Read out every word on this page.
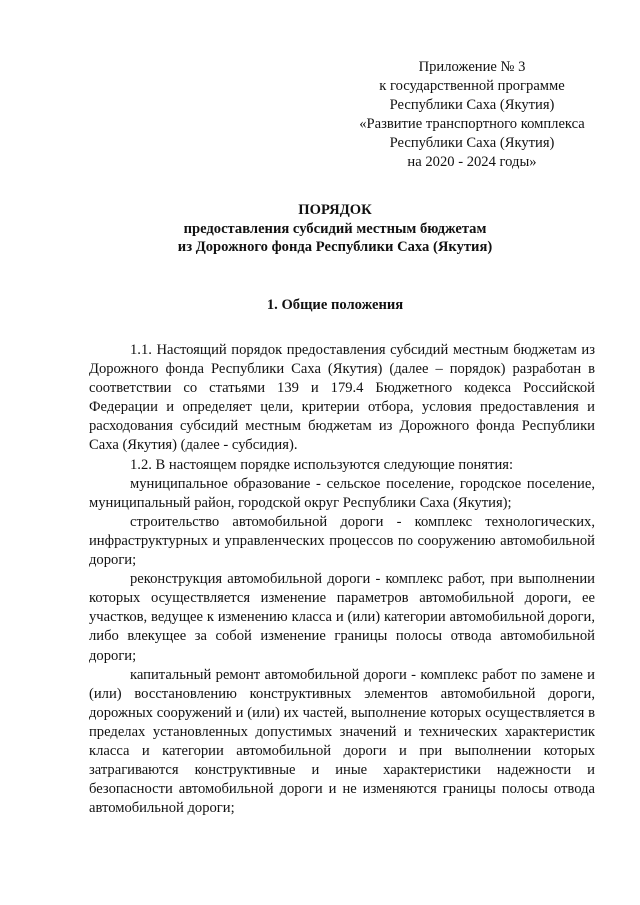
Приложение № 3
к государственной программе
Республики Саха (Якутия)
«Развитие транспортного комплекса
Республики Саха (Якутия)
на 2020 - 2024 годы»
ПОРЯДОК
предоставления субсидий местным бюджетам
из Дорожного фонда Республики Саха (Якутия)
1. Общие положения

1.1. Настоящий порядок предоставления субсидий местным бюджетам из Дорожного фонда Республики Саха (Якутия) (далее – порядок) разработан в соответствии со статьями 139 и 179.4 Бюджетного кодекса Российской Федерации и определяет цели, критерии отбора, условия предоставления и расходования субсидий местным бюджетам из Дорожного фонда Республики Саха (Якутия) (далее - субсидия).

1.2. В настоящем порядке используются следующие понятия:

муниципальное образование - сельское поселение, городское поселение, муниципальный район, городской округ Республики Саха (Якутия);

строительство автомобильной дороги - комплекс технологических, инфраструктурных и управленческих процессов по сооружению автомобильной дороги;

реконструкция автомобильной дороги - комплекс работ, при выполнении которых осуществляется изменение параметров автомобильной дороги, ее участков, ведущее к изменению класса и (или) категории автомобильной дороги, либо влекущее за собой изменение границы полосы отвода автомобильной дороги;

капитальный ремонт автомобильной дороги - комплекс работ по замене и (или) восстановлению конструктивных элементов автомобильной дороги, дорожных сооружений и (или) их частей, выполнение которых осуществляется в пределах установленных допустимых значений и технических характеристик класса и категории автомобильной дороги и при выполнении которых затрагиваются конструктивные и иные характеристики надежности и безопасности автомобильной дороги и не изменяются границы полосы отвода автомобильной дороги;
